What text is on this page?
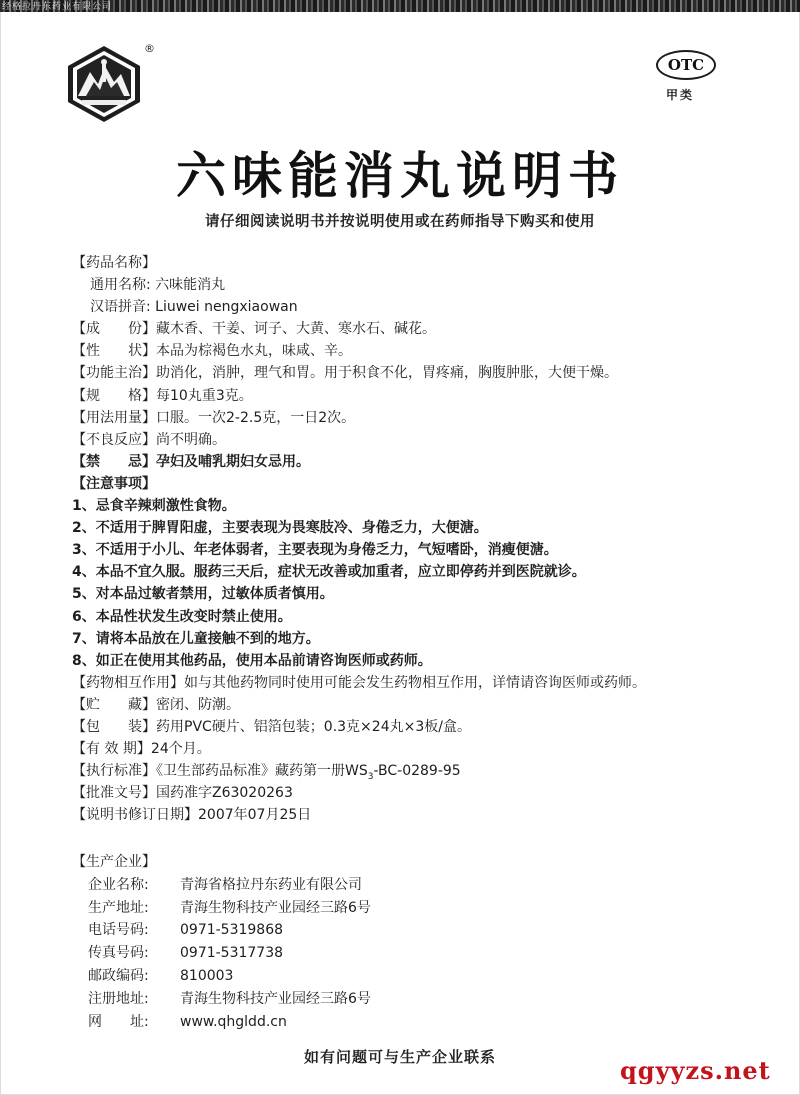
经格拉丹东药业有限公司
®
OTC
甲类
六味能消丸说明书
请仔细阅读说明书并按说明使用或在药师指导下购买和使用
【药品名称】
通用名称: 六味能消丸
汉语拼音: Liuwei nengxiaowan
【成　　份】藏木香、干姜、诃子、大黄、寒水石、碱花。
【性　　状】本品为棕褐色水丸，味咸、辛。
【功能主治】助消化，消肿，理气和胃。用于积食不化，胃疼痛，胸腹肿胀，大便干燥。
【规　　格】每10丸重3克。
【用法用量】口服。一次2-2.5克，一日2次。
【不良反应】尚不明确。
【禁　　忌】孕妇及哺乳期妇女忌用。
【注意事项】
1、忌食辛辣刺激性食物。
2、不适用于脾胃阳虚，主要表现为畏寒肢冷、身倦乏力，大便溏。
3、不适用于小儿、年老体弱者，主要表现为身倦乏力，气短嗜卧，消瘦便溏。
4、本品不宜久服。服药三天后，症状无改善或加重者，应立即停药并到医院就诊。
5、对本品过敏者禁用，过敏体质者慎用。
6、本品性状发生改变时禁止使用。
7、请将本品放在儿童接触不到的地方。
8、如正在使用其他药品，使用本品前请咨询医师或药师。
【药物相互作用】如与其他药物同时使用可能会发生药物相互作用，详情请咨询医师或药师。
【贮　　藏】密闭、防潮。
【包　　装】药用PVC硬片、铝箔包装；0.3克×24丸×3板/盒。
【有 效 期】24个月。
【执行标准】《卫生部药品标准》藏药第一册$WS_3-BC-0289-95$
【批准文号】国药准字Z63020263
【说明书修订日期】2007年07月25日
【生产企业】
企业名称: 青海省格拉丹东药业有限公司
生产地址: 青海生物科技产业园经三路6号
电话号码: 0971-5319868
传真号码: 0971-5317738
邮政编码: 810003
注册地址: 青海生物科技产业园经三路6号
网　　址: www.qhgldd.cn
如有问题可与生产企业联系	qgyyzs.net
